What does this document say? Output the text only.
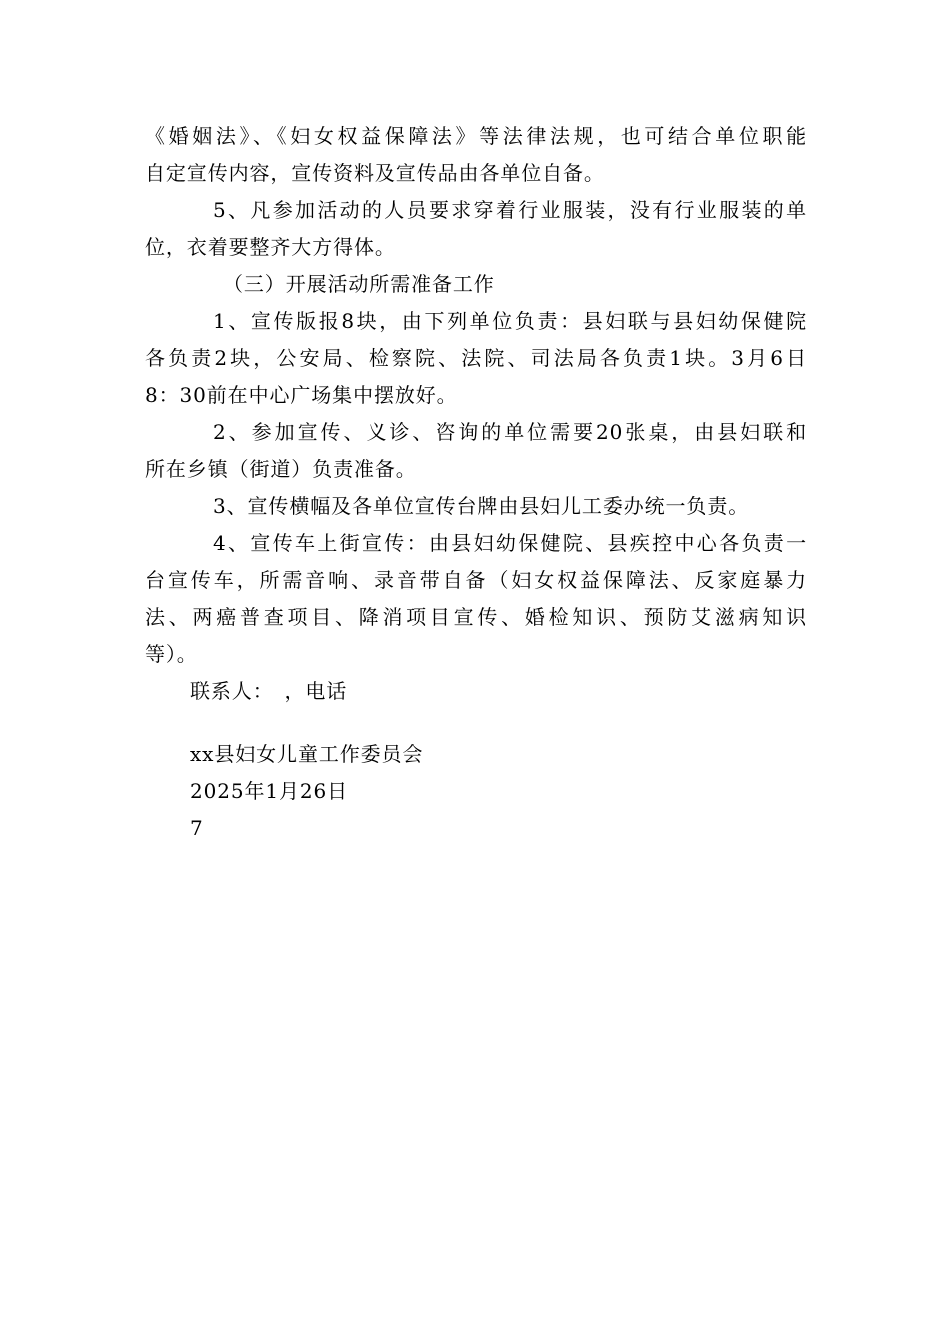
《婚姻法》、《妇女权益保障法》等法律法规，也可结合单位职能
自定宣传内容，宣传资料及宣传品由各单位自备。
5、凡参加活动的人员要求穿着行业服装，没有行业服装的单
位，衣着要整齐大方得体。
（三）开展活动所需准备工作
1、宣传版报8块，由下列单位负责：县妇联与县妇幼保健院
各负责2块，公安局、检察院、法院、司法局各负责1块。3月6日
8：30前在中心广场集中摆放好。
2、参加宣传、义诊、咨询的单位需要20张桌，由县妇联和
所在乡镇（街道）负责准备。
3、宣传横幅及各单位宣传台牌由县妇儿工委办统一负责。
4、宣传车上街宣传：由县妇幼保健院、县疾控中心各负责一
台宣传车，所需音响、录音带自备（妇女权益保障法、反家庭暴力
法、两癌普查项目、降消项目宣传、婚检知识、预防艾滋病知识
等）。
联系人：　，电话
xx县妇女儿童工作委员会
2025年1月26日
7
